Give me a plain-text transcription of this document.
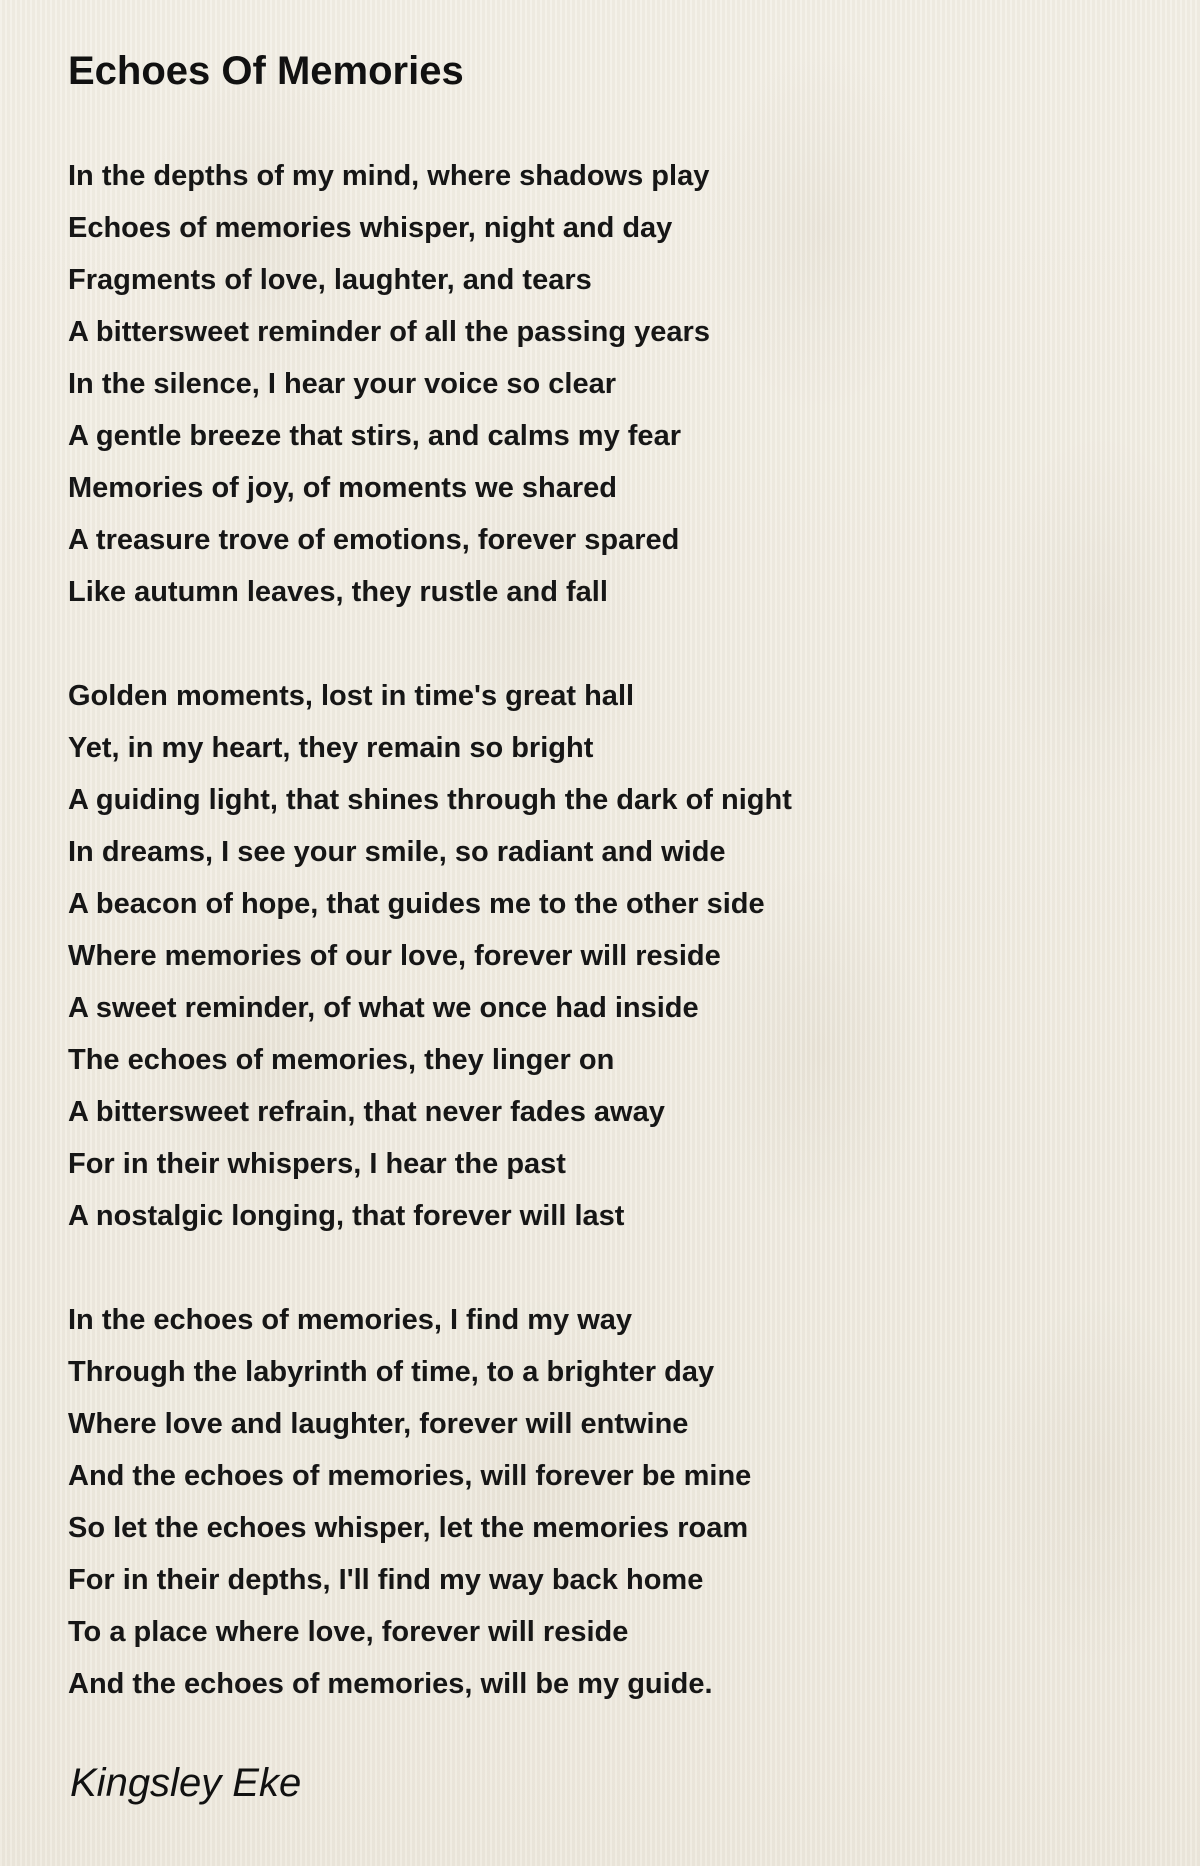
Echoes Of Memories
In the depths of my mind, where shadows play
Echoes of memories whisper, night and day
Fragments of love, laughter, and tears
A bittersweet reminder of all the passing years
In the silence, I hear your voice so clear
A gentle breeze that stirs, and calms my fear
Memories of joy, of moments we shared
A treasure trove of emotions, forever spared
Like autumn leaves, they rustle and fall
Golden moments, lost in time's great hall
Yet, in my heart, they remain so bright
A guiding light, that shines through the dark of night
In dreams, I see your smile, so radiant and wide
A beacon of hope, that guides me to the other side
Where memories of our love, forever will reside
A sweet reminder, of what we once had inside
The echoes of memories, they linger on
A bittersweet refrain, that never fades away
For in their whispers, I hear the past
A nostalgic longing, that forever will last
In the echoes of memories, I find my way
Through the labyrinth of time, to a brighter day
Where love and laughter, forever will entwine
And the echoes of memories, will forever be mine
So let the echoes whisper, let the memories roam
For in their depths, I'll find my way back home
To a place where love, forever will reside
And the echoes of memories, will be my guide.

Kingsley Eke
